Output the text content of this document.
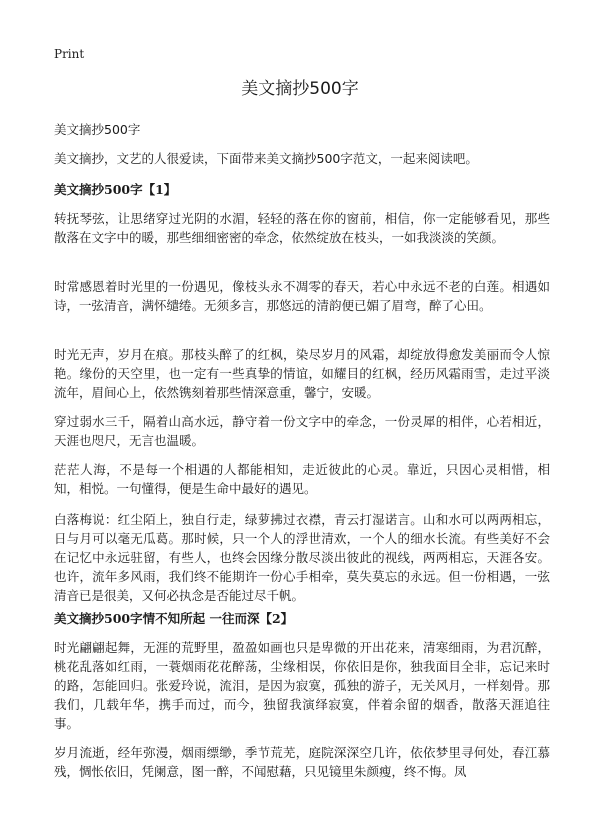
Print
美文摘抄500字
美文摘抄500字
美文摘抄，文艺的人很爱读，下面带来美文摘抄500字范文，一起来阅读吧。
美文摘抄500字【1】

转抚琴弦，让思绪穿过光阴的水湄，轻轻的落在你的窗前，相信，你一定能够看见，那些散落在文字中的暖，那些细细密密的牵念，依然绽放在枝头，一如我淡淡的笑颜。

时常感恩着时光里的一份遇见，像枝头永不凋零的春天，若心中永远不老的白莲。相遇如诗，一弦清音，满怀缱绻。无须多言，那悠远的清韵便已媚了眉弯，醉了心田。

时光无声，岁月在痕。那枝头醉了的红枫，染尽岁月的风霜，却绽放得愈发美丽而令人惊艳。缘份的天空里，也一定有一些真挚的情谊，如耀目的红枫，经历风霜雨雪，走过平淡流年，眉间心上，依然镌刻着那些情深意重，馨宁，安暖。

穿过弱水三千，隔着山高水远，静守着一份文字中的牵念，一份灵犀的相伴，心若相近，天涯也咫尺，无言也温暖。

茫茫人海，不是每一个相遇的人都能相知，走近彼此的心灵。靠近，只因心灵相惜，相知，相悦。一句懂得，便是生命中最好的遇见。

白落梅说：红尘陌上，独自行走，绿萝拂过衣襟，青云打湿诺言。山和水可以两两相忘，日与月可以毫无瓜葛。那时候，只一个人的浮世清欢，一个人的细水长流。有些美好不会在记忆中永远驻留，有些人，也终会因缘分散尽淡出彼此的视线，两两相忘，天涯各安。也许，流年多风雨，我们终不能期许一份心手相牵，莫失莫忘的永远。但一份相遇，一弦清音已是很美，又何必执念是否能过尽千帆。

美文摘抄500字情不知所起 一往而深【2】

时光翩翩起舞，无涯的荒野里，盈盈如画也只是卑微的开出花来，清寒细雨，为君沉醉，桃花乱落如红雨，一蓑烟雨花花醉荡，尘缘相误，你依旧是你，独我面目全非，忘记来时的路，怎能回归。张爱玲说，流泪，是因为寂寞，孤独的游子，无关风月，一样刻骨。那我们，几载年华，携手而过，而今，独留我演绎寂寞，伴着余留的烟香，散落天涯追往事。

岁月流逝，经年弥漫，烟雨缥缈，季节荒芜，庭院深深空几许，依依梦里寻何处，春江慕残，惆怅依旧，凭阑意，图一醉，不闻慰藉，只见镜里朱颜瘦，终不悔。凤
